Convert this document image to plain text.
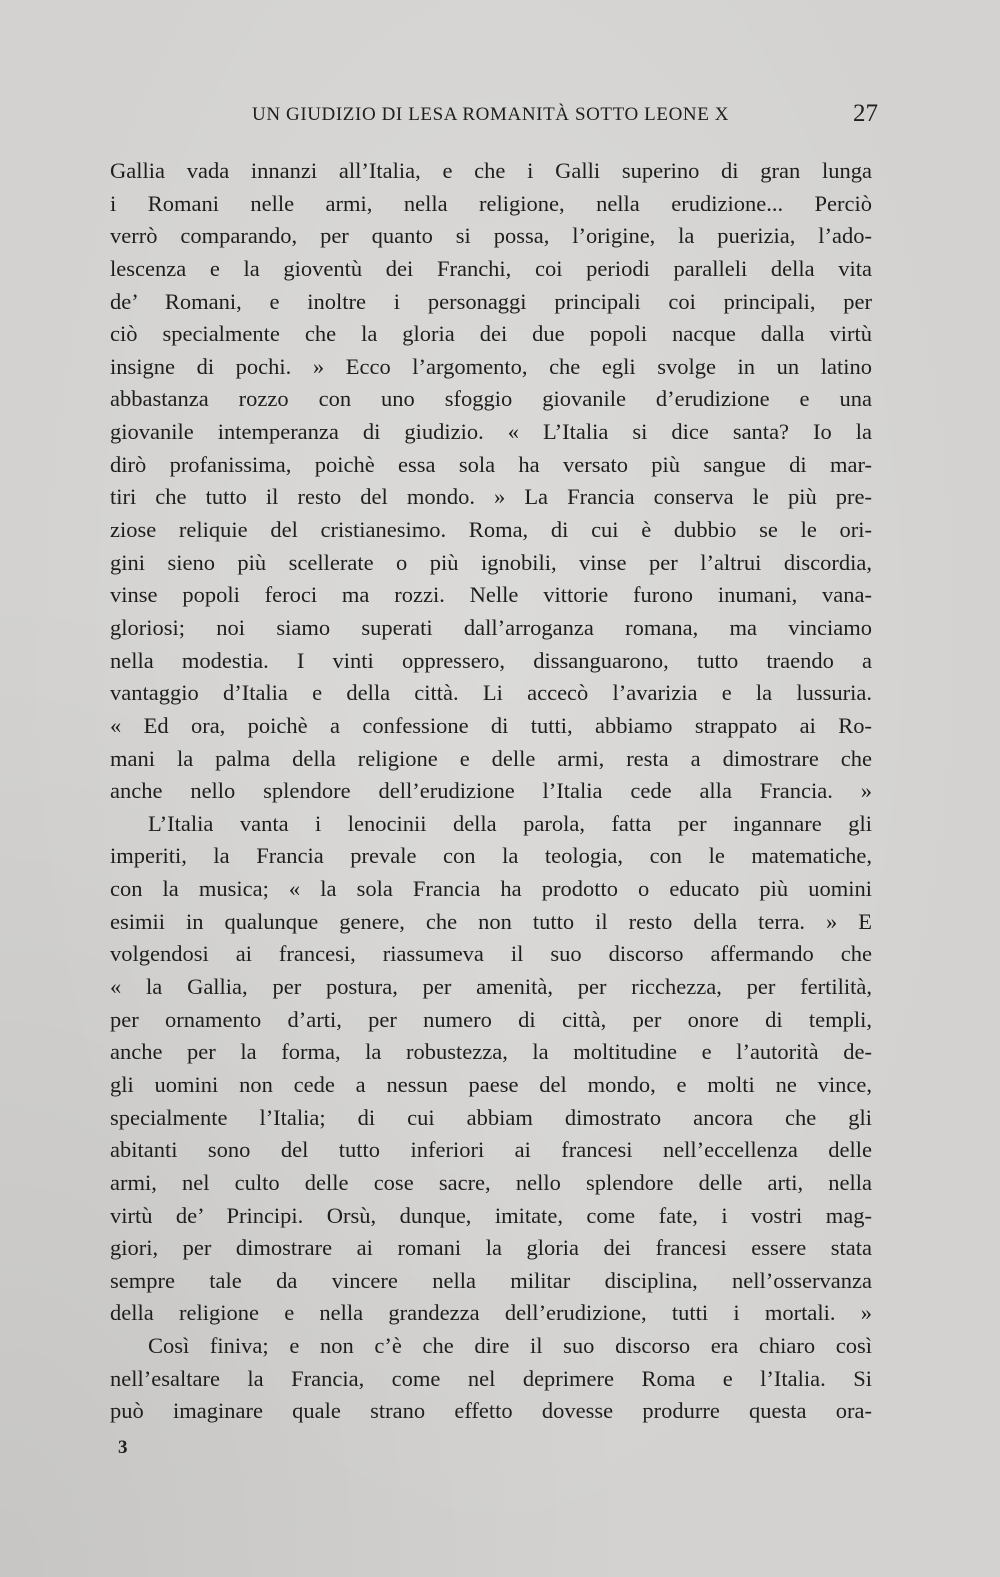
UN GIUDIZIO DI LESA ROMANITÀ SOTTO LEONE X	27
Gallia vada innanzi all’Italia, e che i Galli superino di gran lunga
i Romani nelle armi, nella religione, nella erudizione... Perciò
verrò comparando, per quanto si possa, l’origine, la puerizia, l’ado-
lescenza e la gioventù dei Franchi, coi periodi paralleli della vita
de’ Romani, e inoltre i personaggi principali coi principali, per
ciò specialmente che la gloria dei due popoli nacque dalla virtù
insigne di pochi. » Ecco l’argomento, che egli svolge in un latino
abbastanza rozzo con uno sfoggio giovanile d’erudizione e una
giovanile intemperanza di giudizio. « L’Italia si dice santa? Io la
dirò profanissima, poichè essa sola ha versato più sangue di mar-
tiri che tutto il resto del mondo. » La Francia conserva le più pre-
ziose reliquie del cristianesimo. Roma, di cui è dubbio se le ori-
gini sieno più scellerate o più ignobili, vinse per l’altrui discordia,
vinse popoli feroci ma rozzi. Nelle vittorie furono inumani, vana-
gloriosi; noi siamo superati dall’arroganza romana, ma vinciamo
nella modestia. I vinti oppressero, dissanguarono, tutto traendo a
vantaggio d’Italia e della città. Li accecò l’avarizia e la lussuria.
« Ed ora, poichè a confessione di tutti, abbiamo strappato ai Ro-
mani la palma della religione e delle armi, resta a dimostrare che
anche nello splendore dell’erudizione l’Italia cede alla Francia. »
L’Italia vanta i lenocinii della parola, fatta per ingannare gli
imperiti, la Francia prevale con la teologia, con le matematiche,
con la musica; « la sola Francia ha prodotto o educato più uomini
esimii in qualunque genere, che non tutto il resto della terra. » E
volgendosi ai francesi, riassumeva il suo discorso affermando che
« la Gallia, per postura, per amenità, per ricchezza, per fertilità,
per ornamento d’arti, per numero di città, per onore di templi,
anche per la forma, la robustezza, la moltitudine e l’autorità de-
gli uomini non cede a nessun paese del mondo, e molti ne vince,
specialmente l’Italia; di cui abbiam dimostrato ancora che gli
abitanti sono del tutto inferiori ai francesi nell’eccellenza delle
armi, nel culto delle cose sacre, nello splendore delle arti, nella
virtù de’ Principi. Orsù, dunque, imitate, come fate, i vostri mag-
giori, per dimostrare ai romani la gloria dei francesi essere stata
sempre tale da vincere nella militar disciplina, nell’osservanza
della religione e nella grandezza dell’erudizione, tutti i mortali. »
Così finiva; e non c’è che dire il suo discorso era chiaro così
nell’esaltare la Francia, come nel deprimere Roma e l’Italia. Si
può imaginare quale strano effetto dovesse produrre questa ora-
3
